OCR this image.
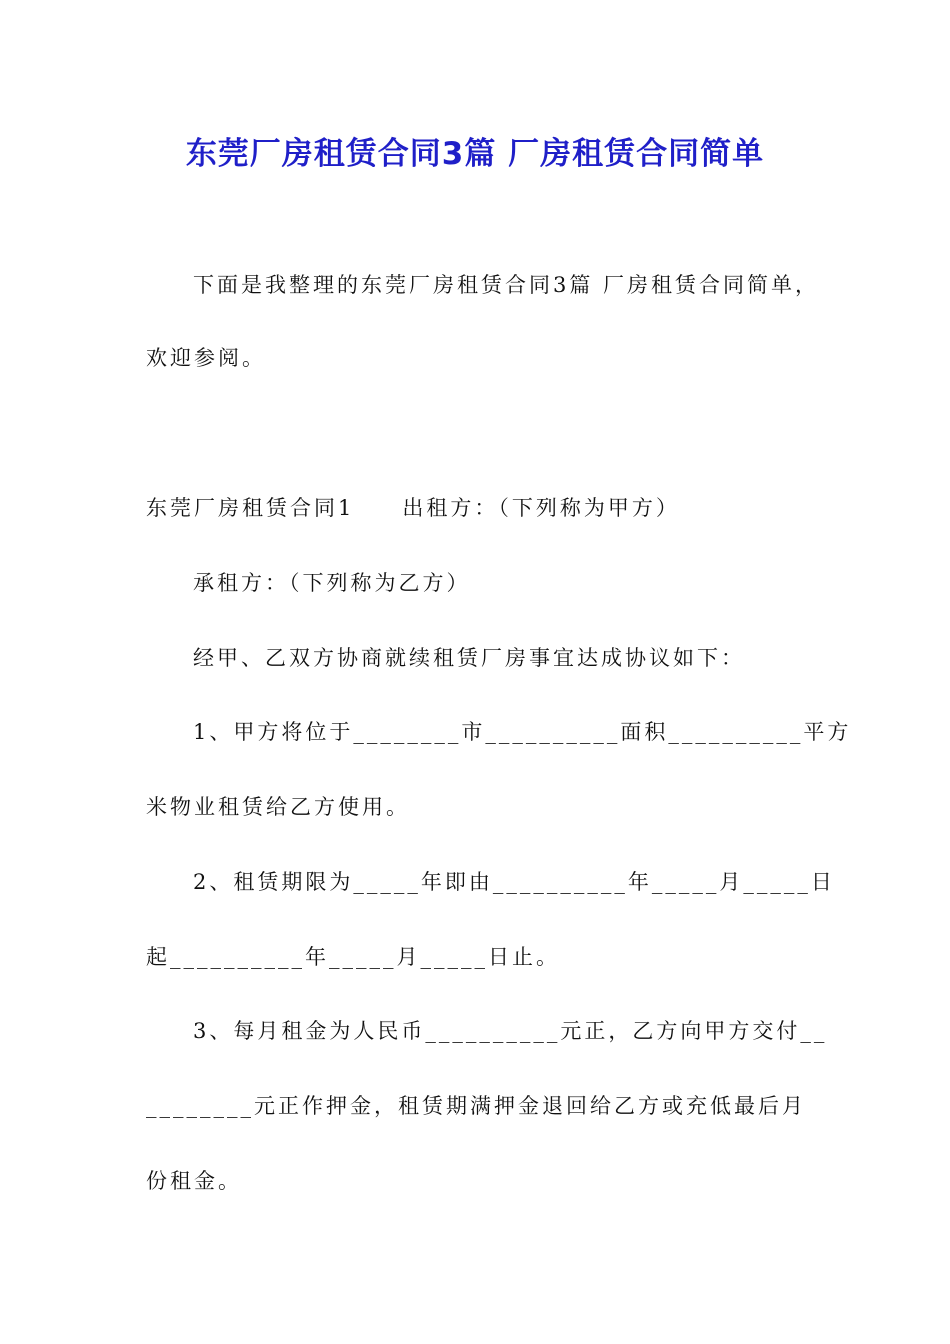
东莞厂房租赁合同3篇 厂房租赁合同简单
下面是我整理的东莞厂房租赁合同3篇 厂房租赁合同简单，
欢迎参阅。
东莞厂房租赁合同1　　出租方：（下列称为甲方）
承租方：（下列称为乙方）
经甲、乙双方协商就续租赁厂房事宜达成协议如下：
1、甲方将位于________市__________面积__________平方
米物业租赁给乙方使用。
2、租赁期限为_____年即由__________年_____月_____日
起__________年_____月_____日止。
3、每月租金为人民币__________元正，乙方向甲方交付__
________元正作押金，租赁期满押金退回给乙方或充低最后月
份租金。
